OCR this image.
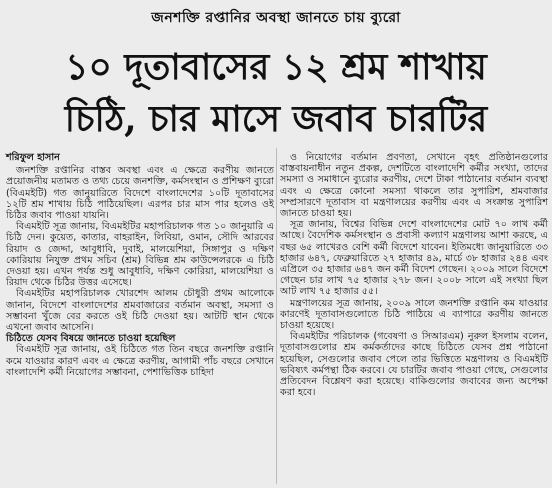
জনশক্তি রপ্তানির অবস্থা জানতে চায় ব্যুরো
১০ দূতাবাসের ১২ শ্রম শাখায়
চিঠি, চার মাসে জবাব চারটির

শরিফুল হাসান

জনশক্তি রপ্তানির বাস্তব অবস্থা এবং এ ক্ষেত্রে করণীয় জানতে প্রয়োজনীয় মতামত ও তথ্য চেয়ে জনশক্তি, কর্মসংস্থান ও প্রশিক্ষণ ব্যুরো (বিএমইটি) গত জানুয়ারিতে বিদেশে বাংলাদেশের ১০টি দূতাবাসের ১২টি শ্রম শাখায় চিঠি পাঠিয়েছিল। এরপর চার মাস পার হলেও ওই চিঠির জবাব পাওয়া যায়নি।

বিএমইটি সূত্র জানায়, বিএমইটির মহাপরিচালক গত ১০ জানুয়ারি এ চিঠি দেন। কুয়েত, কাতার, বাহরাইন, লিবিয়া, ওমান, সৌদি আরবের রিয়াদ ও জেদ্দা, আবুধাবি, দুবাই, মালয়েশিয়া, সিঙ্গাপুর ও দক্ষিণ কোরিয়ায় নিযুক্ত প্রথম সচিব (শ্রম) বিভিন্ন শ্রম কাউন্সেলরকে এ চিঠি দেওয়া হয়। এখন পর্যন্ত শুধু আবুধাবি, দক্ষিণ কোরিয়া, মালয়েশিয়া ও রিয়াদ থেকে চিঠির উত্তর এসেছে।

বিএমইটির মহাপরিচালক খোরশেদ আলম চৌধুরী প্রথম আলোকে জানান, বিদেশে বাংলাদেশের শ্রমবাজারের বর্তমান অবস্থা, সমস্যা ও সম্ভাবনা খুঁজে বের করতে ওই চিঠি দেওয়া হয়। আটটি স্থান থেকে এখনো জবাব আসেনি।

চিঠিতে যেসব বিষয়ে জানতে চাওয়া হয়েছিল

বিএমইটি সূত্র জানায়, ওই চিঠিতে গত তিন বছরে জনশক্তি রপ্তানি কমে যাওয়ার কারণ এবং এ ক্ষেত্রে করণীয়, আগামী পাঁচ বছরে সেখানে বাংলাদেশি কর্মী নিয়োগের সম্ভাবনা, পেশাভিত্তিক চাহিদা

ও নিয়োগের বর্তমান প্রবণতা, সেখানে বৃহৎ প্রতিষ্ঠানগুলোর বাস্তবায়নাধীন নতুন প্রকল্প, দেশটিতে বাংলাদেশি কর্মীর সংখ্যা, তাদের সমস্যা ও সমাধানে ব্যুরোর করণীয়, দেশে টাকা পাঠানোর বর্তমান ব্যবস্থা এবং এ ক্ষেত্রে কোনো সমস্যা থাকলে তার সুপারিশ, শ্রমবাজার সম্প্রসারণে দূতাবাস বা মন্ত্রণালয়ের করণীয় এবং এ সংক্রান্ত সুপারিশ জানতে চাওয়া হয়।

সূত্র জানায়, বিশ্বের বিভিন্ন দেশে বাংলাদেশের মোট ৭০ লাখ কর্মী আছে। বৈদেশিক কর্মসংস্থান ও প্রবাসী কল্যাণ মন্ত্রণালয় আশা করছে, এ বছর ৬৫ লাখেরও বেশি কর্মী বিদেশে যাবেন। ইতিমধ্যে জানুয়ারিতে ৩৩ হাজার ৬৪৭, ফেব্রুয়ারিতে ২৭ হাজার ৪৯, মার্চে ৩৮ হাজার ২৪৪ এবং এপ্রিলে ৩৫ হাজার ৬৪৭ জন কর্মী বিদেশ গেছেন। ২০০৯ সালে বিদেশে গেছেন চার লাখ ৭৫ হাজার ২৭৮ জন। ২০০৮ সালে এই সংখ্যা ছিল আট লাখ ৭৫ হাজার ৫৫।

মন্ত্রণালয়ের সূত্র জানায়, ২০০৯ সালে জনশক্তি রপ্তানি কম যাওয়ার কারণেই দূতাবাসগুলোতে চিঠি পাঠিয়ে এ ব্যাপারে করণীয় জানতে চাওয়া হয়েছে।

বিএমইটির পরিচালক (গবেষণা ও সিআরএম) নুরুল ইসলাম বলেন, দূতাবাসগুলোর শ্রম কর্মকর্তাদের কাছে চিঠিতে যেসব প্রশ্ন পাঠানো হয়েছিল, সেগুলোর জবাব পেলে তার ভিত্তিতে মন্ত্রণালয় ও বিএমইটি ভবিষ্যৎ কর্মপন্থা ঠিক করবে। যে চারটির জবাব পাওয়া গেছে, সেগুলোর প্রতিবেদন বিশ্লেষণ করা হয়েছে। বাকিগুলোর জবাবের জন্য অপেক্ষা করা হবে।
